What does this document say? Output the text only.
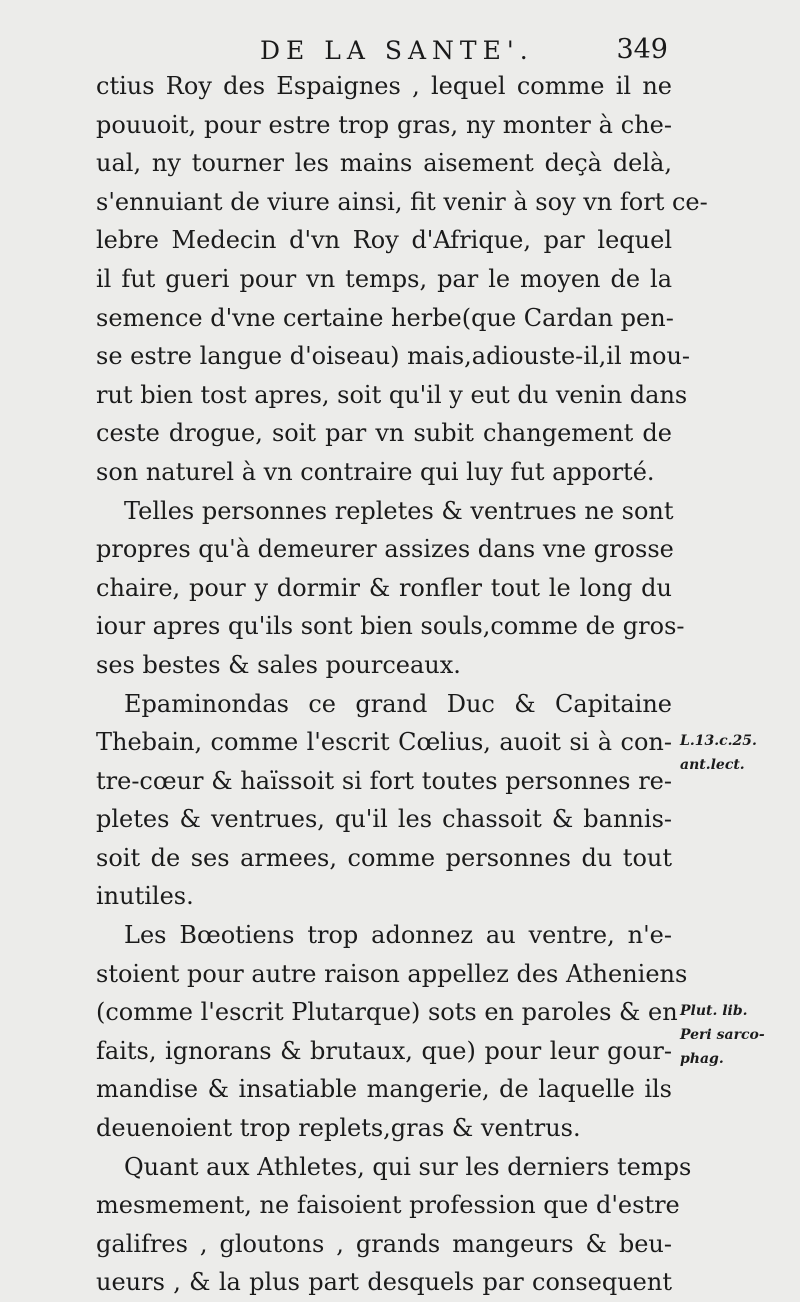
DE LA SANTE'.	349
ctius Roy des Espaignes , lequel comme il ne
pouuoit, pour estre trop gras, ny monter à che-
ual, ny tourner les mains aisement deçà delà,
s'ennuiant de viure ainsi, fit venir à soy vn fort ce-
lebre Medecin d'vn Roy d'Afrique, par lequel
il fut gueri pour vn temps, par le moyen de la
semence d'vne certaine herbe(que Cardan pen-
se estre langue d'oiseau) mais,adiouste-il,il mou-
rut bien tost apres, soit qu'il y eut du venin dans
ceste drogue, soit par vn subit changement de
son naturel à vn contraire qui luy fut apporté.
Telles personnes repletes & ventrues ne sont
propres qu'à demeurer assizes dans vne grosse
chaire, pour y dormir & ronfler tout le long du
iour apres qu'ils sont bien souls,comme de gros-
ses bestes & sales pourceaux.
Epaminondas ce grand Duc & Capitaine
Thebain, comme l'escrit Cœlius, auoit si à con-
tre-cœur & haïssoit si fort toutes personnes re-
pletes & ventrues, qu'il les chassoit & bannis-
soit de ses armees, comme personnes du tout
inutiles.
Les Bœotiens trop adonnez au ventre, n'e-
stoient pour autre raison appellez des Atheniens
(comme l'escrit Plutarque) sots en paroles & en
faits, ignorans & brutaux, que) pour leur gour-
mandise & insatiable mangerie, de laquelle ils
deuenoient trop replets,gras & ventrus.
Quant aux Athletes, qui sur les derniers temps
mesmement, ne faisoient profession que d'estre
galifres , gloutons , grands mangeurs & beu-
ueurs , & la plus part desquels par consequent
L.13.c.25.
ant.lect.
Plut. lib.
Peri sarco-
phag.
